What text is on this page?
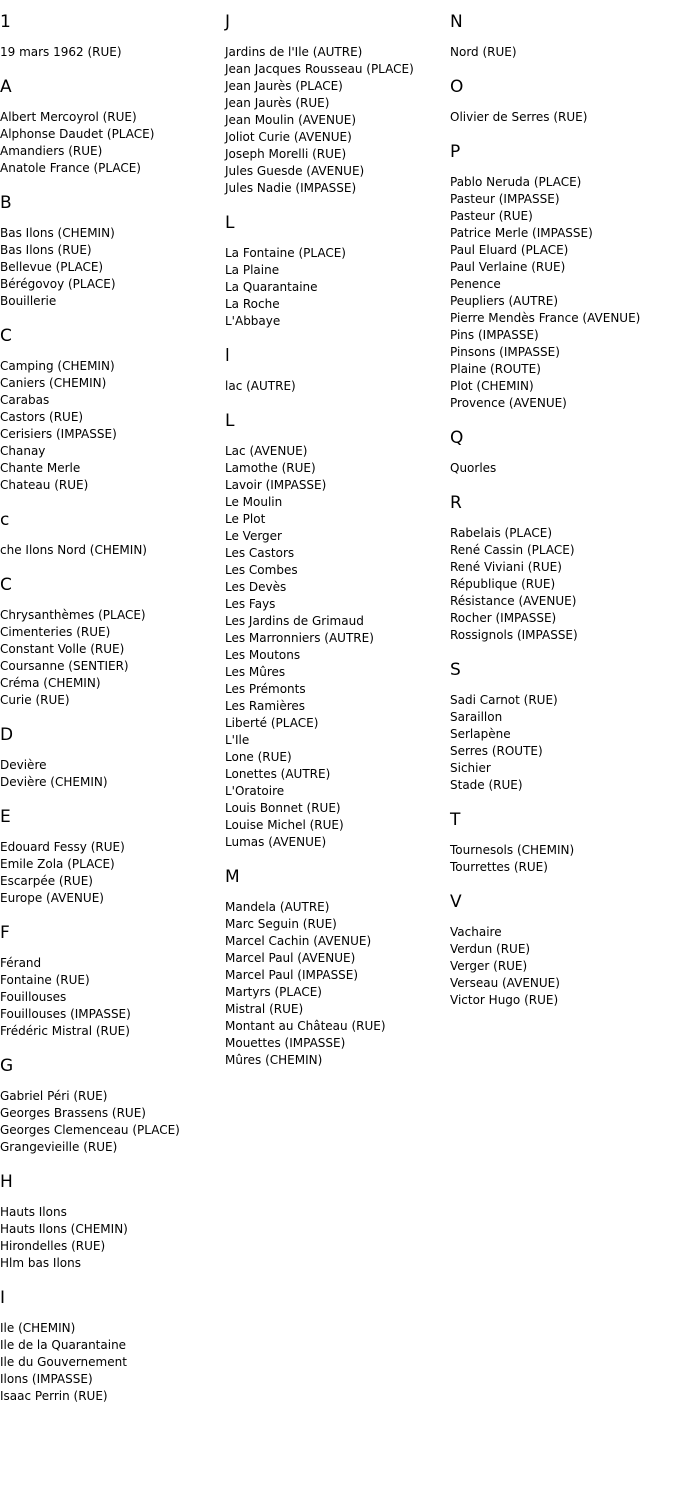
1
19 mars 1962 (RUE)
A
Albert Mercoyrol (RUE)
Alphonse Daudet (PLACE)
Amandiers (RUE)
Anatole France (PLACE)
B
Bas Ilons (CHEMIN)
Bas Ilons (RUE)
Bellevue (PLACE)
Bérégovoy (PLACE)
Bouillerie
C
Camping (CHEMIN)
Caniers (CHEMIN)
Carabas
Castors (RUE)
Cerisiers (IMPASSE)
Chanay
Chante Merle
Chateau (RUE)
c
che Ilons Nord (CHEMIN)
C
Chrysanthèmes (PLACE)
Cimenteries (RUE)
Constant Volle (RUE)
Coursanne (SENTIER)
Créma (CHEMIN)
Curie (RUE)
D
Devière
Devière (CHEMIN)
E
Edouard Fessy (RUE)
Emile Zola (PLACE)
Escarpée (RUE)
Europe (AVENUE)
F
Férand
Fontaine (RUE)
Fouillouses
Fouillouses (IMPASSE)
Frédéric Mistral (RUE)
G
Gabriel Péri (RUE)
Georges Brassens (RUE)
Georges Clemenceau (PLACE)
Grangevieille (RUE)
H
Hauts Ilons
Hauts Ilons (CHEMIN)
Hirondelles (RUE)
Hlm bas Ilons
I
Ile (CHEMIN)
Ile de la Quarantaine
Ile du Gouvernement
Ilons (IMPASSE)
Isaac Perrin (RUE)
J
Jardins de l'Ile (AUTRE)
Jean Jacques Rousseau (PLACE)
Jean Jaurès (PLACE)
Jean Jaurès (RUE)
Jean Moulin (AVENUE)
Joliot Curie (AVENUE)
Joseph Morelli (RUE)
Jules Guesde (AVENUE)
Jules Nadie (IMPASSE)
L
La Fontaine (PLACE)
La Plaine
La Quarantaine
La Roche
L'Abbaye
l
lac (AUTRE)
L
Lac (AVENUE)
Lamothe (RUE)
Lavoir (IMPASSE)
Le Moulin
Le Plot
Le Verger
Les Castors
Les Combes
Les Devès
Les Fays
Les Jardins de Grimaud
Les Marronniers (AUTRE)
Les Moutons
Les Mûres
Les Prémonts
Les Ramières
Liberté (PLACE)
L'Ile
Lone (RUE)
Lonettes (AUTRE)
L'Oratoire
Louis Bonnet (RUE)
Louise Michel (RUE)
Lumas (AVENUE)
M
Mandela (AUTRE)
Marc Seguin (RUE)
Marcel Cachin (AVENUE)
Marcel Paul (AVENUE)
Marcel Paul (IMPASSE)
Martyrs (PLACE)
Mistral (RUE)
Montant au Château (RUE)
Mouettes (IMPASSE)
Mûres (CHEMIN)
N
Nord (RUE)
O
Olivier de Serres (RUE)
P
Pablo Neruda (PLACE)
Pasteur (IMPASSE)
Pasteur (RUE)
Patrice Merle (IMPASSE)
Paul Eluard (PLACE)
Paul Verlaine (RUE)
Penence
Peupliers (AUTRE)
Pierre Mendès France (AVENUE)
Pins (IMPASSE)
Pinsons (IMPASSE)
Plaine (ROUTE)
Plot (CHEMIN)
Provence (AVENUE)
Q
Quorles
R
Rabelais (PLACE)
René Cassin (PLACE)
René Viviani (RUE)
République (RUE)
Résistance (AVENUE)
Rocher (IMPASSE)
Rossignols (IMPASSE)
S
Sadi Carnot (RUE)
Saraillon
Serlapène
Serres (ROUTE)
Sichier
Stade (RUE)
T
Tournesols (CHEMIN)
Tourrettes (RUE)
V
Vachaire
Verdun (RUE)
Verger (RUE)
Verseau (AVENUE)
Victor Hugo (RUE)
